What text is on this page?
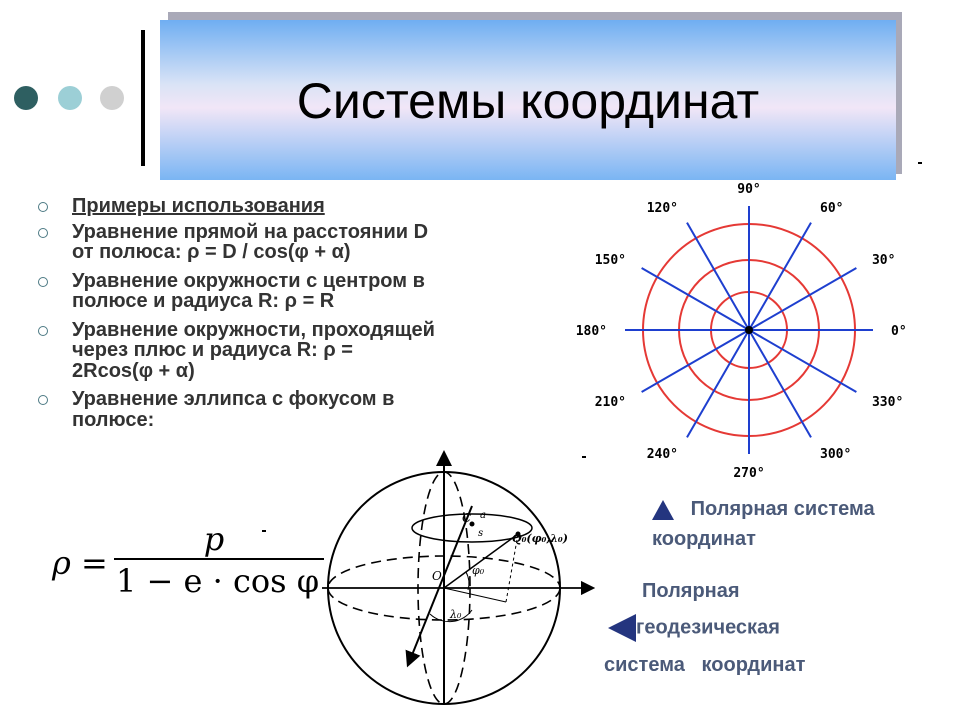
Системы координат
Примеры использования
Уравнение прямой на расстоянии D от полюса: ρ = D / cos(φ + α)
Уравнение окружности с центром в полюсе и радиуса R: ρ = R
Уравнение окружности, проходящей через плюс и радиуса R: ρ = 2Rcos(φ + α)
Уравнение эллипса с фокусом в полюсе:
ρ =
p
1 − e · cos φ
0°
30°
60°
90°
120°
150°
180°
210°
240°
270°
300°
330°
Полярная система координат
O
C a
s	Q₀(φ₀,λ₀)
φ₀
λ₀
Полярная
геодезическая
система   координат
